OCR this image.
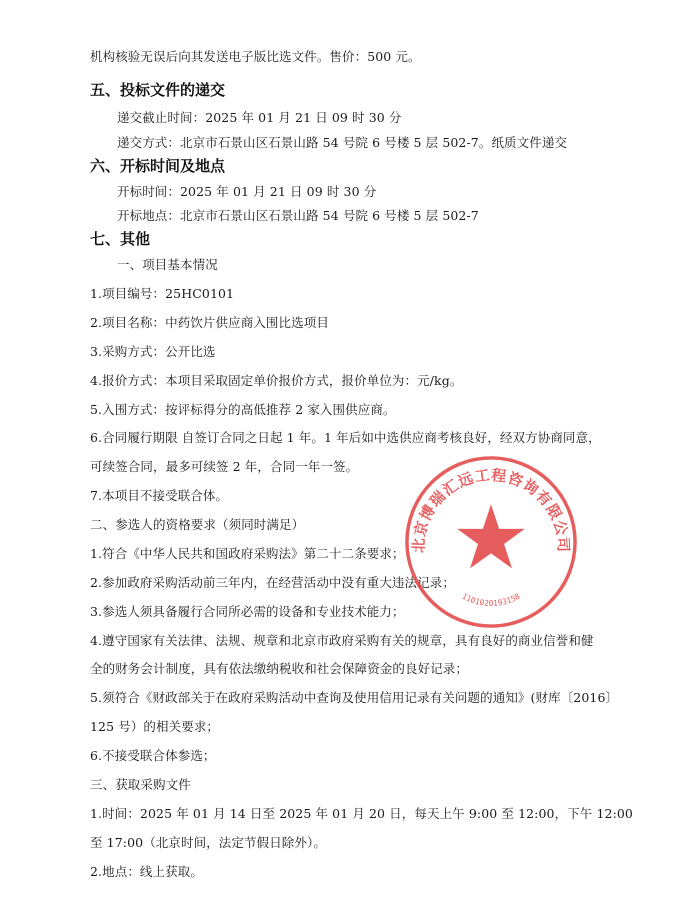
机构核验无误后向其发送电子版比选文件。售价：500 元。
五、投标文件的递交
递交截止时间：2025 年 01 月 21 日 09 时 30 分
递交方式：北京市石景山区石景山路 54 号院 6 号楼 5 层 502-7。纸质文件递交
六、开标时间及地点
开标时间：2025 年 01 月 21 日 09 时 30 分
开标地点：北京市石景山区石景山路 54 号院 6 号楼 5 层 502-7
七、其他
一、项目基本情况
1.项目编号：25HC0101
2.项目名称：中药饮片供应商入围比选项目
3.采购方式：公开比选
4.报价方式：本项目采取固定单价报价方式，报价单位为：元/kg。
5.入围方式：按评标得分的高低推荐 2 家入围供应商。
6.合同履行期限 自签订合同之日起 1 年。1 年后如中选供应商考核良好，经双方协商同意，
可续签合同，最多可续签 2 年，合同一年一签。
7.本项目不接受联合体。
二、参选人的资格要求（须同时满足）
1.符合《中华人民共和国政府采购法》第二十二条要求；
2.参加政府采购活动前三年内，在经营活动中没有重大违法记录；
3.参选人须具备履行合同所必需的设备和专业技术能力；
4.遵守国家有关法律、法规、规章和北京市政府采购有关的规章，具有良好的商业信誉和健
全的财务会计制度，具有依法缴纳税收和社会保障资金的良好记录；
5.须符合《财政部关于在政府采购活动中查询及使用信用记录有关问题的通知》(财库〔2016〕
125 号）的相关要求；
6.不接受联合体参选；
三、获取采购文件
1.时间：2025 年 01 月 14 日至 2025 年 01 月 20 日，每天上午 9:00 至 12:00，下午 12:00
至 17:00（北京时间，法定节假日除外）。
2.地点：线上获取。
北京博瑞汇远工程咨询有限公司
1101020193158
